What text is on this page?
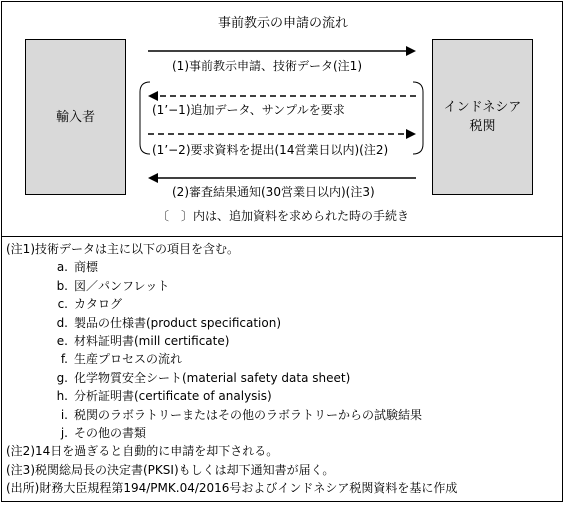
事前教示の申請の流れ
輸入者
インドネシア
税関
(1)事前教示申請、技術データ(注1)
(1’−1)追加データ、サンプルを要求
(1’−2)要求資料を提出(14営業日以内)(注2)
(2)審査結果通知(30営業日以内)(注3)
〔　〕内は、追加資料を求められた時の手続き
(注1)技術データは主に以下の項目を含む。
a. 商標
b. 図／パンフレット
c. カタログ
d. 製品の仕様書(product specification)
e. 材料証明書(mill certificate)
f. 生産プロセスの流れ
g. 化学物質安全シート(material safety data sheet)
h. 分析証明書(certificate of analysis)
i. 税関のラボラトリーまたはその他のラボラトリーからの試験結果
j. その他の書類
(注2)14日を過ぎると自動的に申請を却下される。
(注3)税関総局長の決定書(PKSI)もしくは却下通知書が届く。
(出所)財務大臣規程第194/PMK.04/2016号およびインドネシア税関資料を基に作成
